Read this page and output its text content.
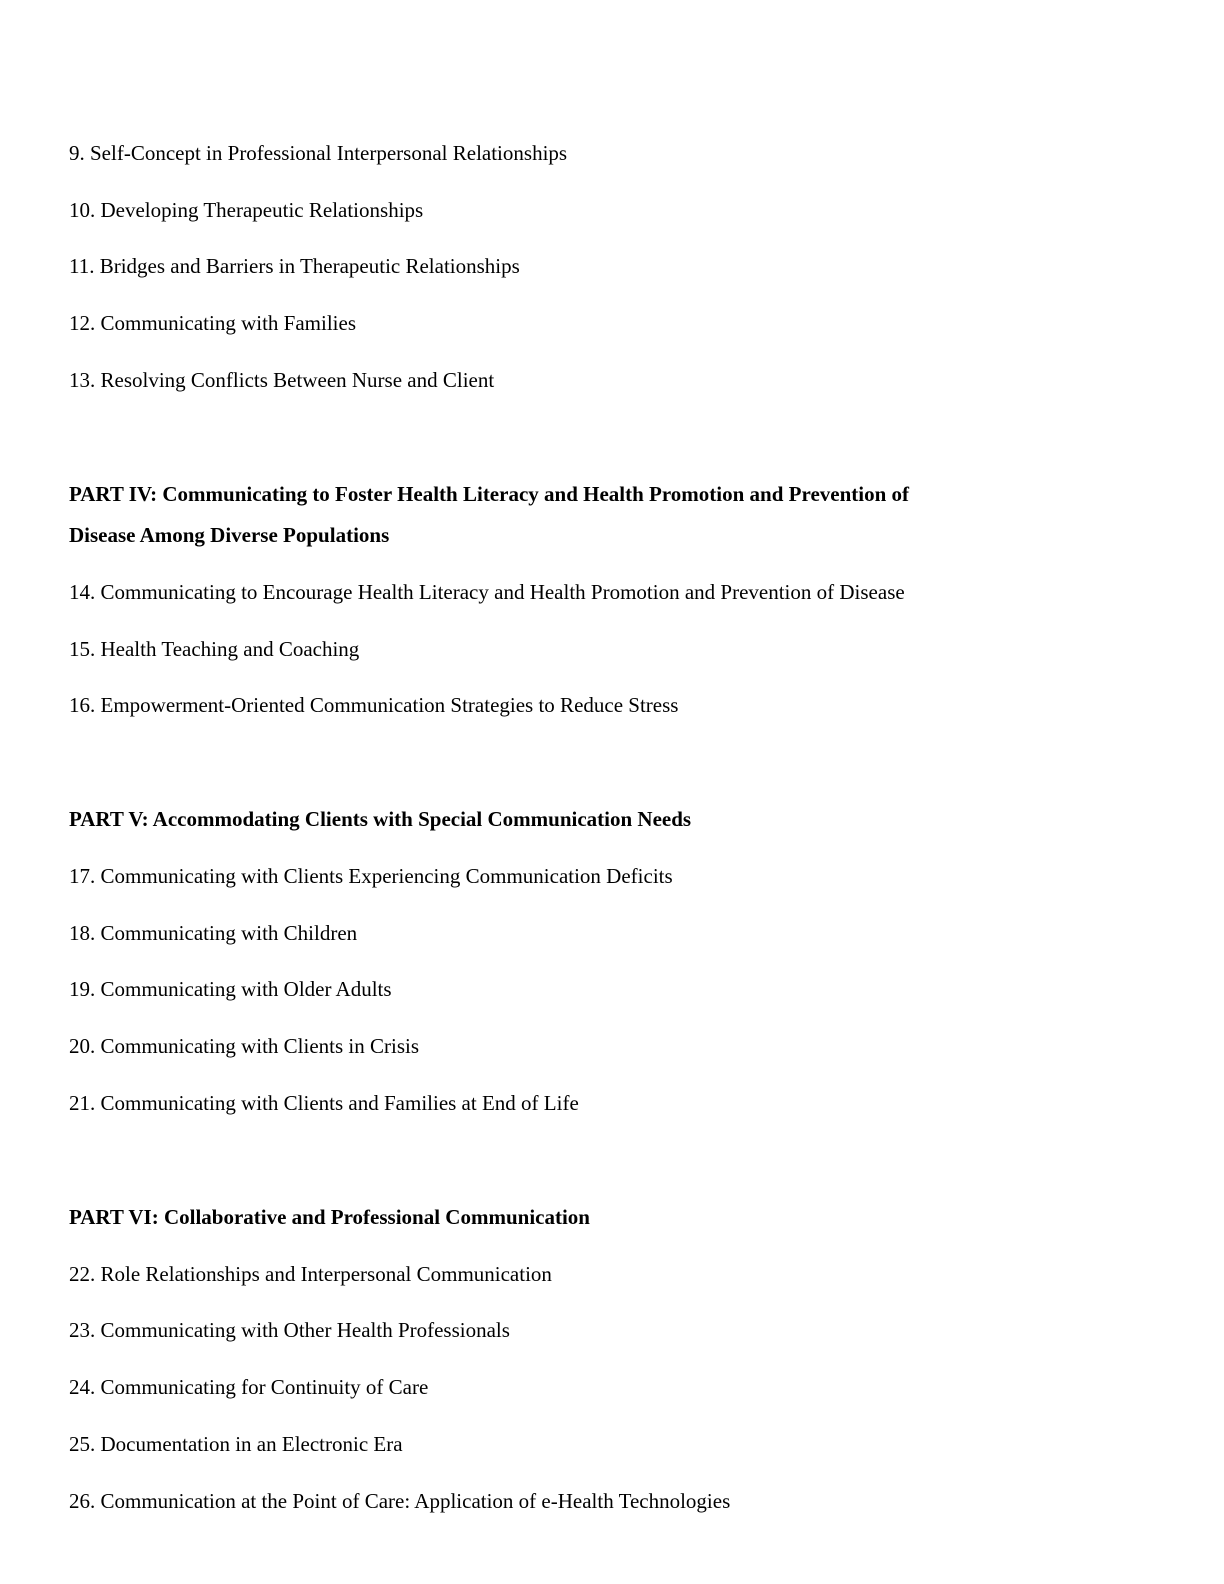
9. Self-Concept in Professional Interpersonal Relationships
10. Developing Therapeutic Relationships
11. Bridges and Barriers in Therapeutic Relationships
12. Communicating with Families
13. Resolving Conflicts Between Nurse and Client
PART IV: Communicating to Foster Health Literacy and Health Promotion and Prevention of
Disease Among Diverse Populations
14. Communicating to Encourage Health Literacy and Health Promotion and Prevention of Disease
15. Health Teaching and Coaching
16. Empowerment-Oriented Communication Strategies to Reduce Stress
PART V: Accommodating Clients with Special Communication Needs
17. Communicating with Clients Experiencing Communication Deficits
18. Communicating with Children
19. Communicating with Older Adults
20. Communicating with Clients in Crisis
21. Communicating with Clients and Families at End of Life
PART VI: Collaborative and Professional Communication
22. Role Relationships and Interpersonal Communication
23. Communicating with Other Health Professionals
24. Communicating for Continuity of Care
25. Documentation in an Electronic Era
26. Communication at the Point of Care: Application of e-Health Technologies
